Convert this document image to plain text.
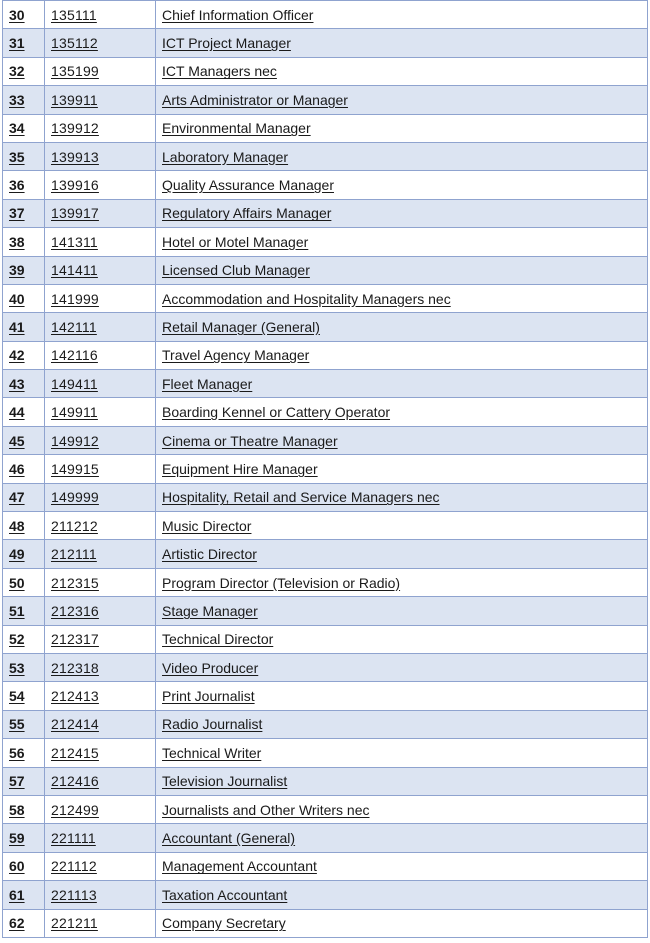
30	135111	Chief Information Officer
31	135112	ICT Project Manager
32	135199	ICT Managers nec
33	139911	Arts Administrator or Manager
34	139912	Environmental Manager
35	139913	Laboratory Manager
36	139916	Quality Assurance Manager
37	139917	Regulatory Affairs Manager
38	141311	Hotel or Motel Manager
39	141411	Licensed Club Manager
40	141999	Accommodation and Hospitality Managers nec
41	142111	Retail Manager (General)
42	142116	Travel Agency Manager
43	149411	Fleet Manager
44	149911	Boarding Kennel or Cattery Operator
45	149912	Cinema or Theatre Manager
46	149915	Equipment Hire Manager
47	149999	Hospitality, Retail and Service Managers nec
48	211212	Music Director
49	212111	Artistic Director
50	212315	Program Director (Television or Radio)
51	212316	Stage Manager
52	212317	Technical Director
53	212318	Video Producer
54	212413	Print Journalist
55	212414	Radio Journalist
56	212415	Technical Writer
57	212416	Television Journalist
58	212499	Journalists and Other Writers nec
59	221111	Accountant (General)
60	221112	Management Accountant
61	221113	Taxation Accountant
62	221211	Company Secretary
